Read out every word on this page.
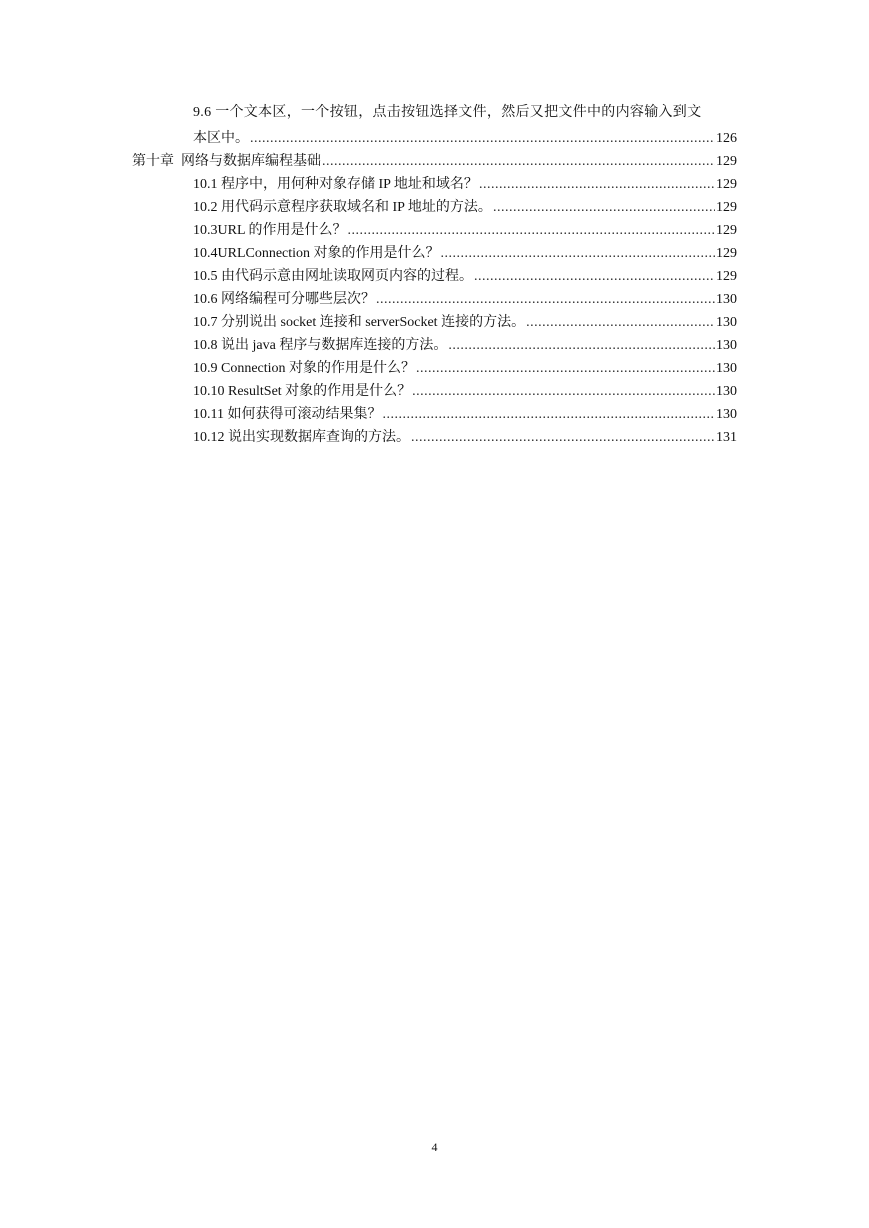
9.6 一个文本区，一个按钮，点击按钮选择文件，然后又把文件中的内容输入到文
本区中。 .....	126
第十章  网络与数据库编程基础 .....	129
10.1 程序中，用何种对象存储 IP 地址和域名？ .....	129
10.2 用代码示意程序获取域名和 IP 地址的方法。 .....	129
10.3URL 的作用是什么？ .....	129
10.4URLConnection 对象的作用是什么？ .....	129
10.5 由代码示意由网址读取网页内容的过程。 .....	129
10.6 网络编程可分哪些层次？ .....	130
10.7 分别说出 socket 连接和 serverSocket 连接的方法。 .....	130
10.8 说出 java 程序与数据库连接的方法。 .....	130
10.9 Connection 对象的作用是什么？ .....	130
10.10 ResultSet 对象的作用是什么？ .....	130
10.11 如何获得可滚动结果集？ .....	130
10.12 说出实现数据库查询的方法。 .....	131
4
